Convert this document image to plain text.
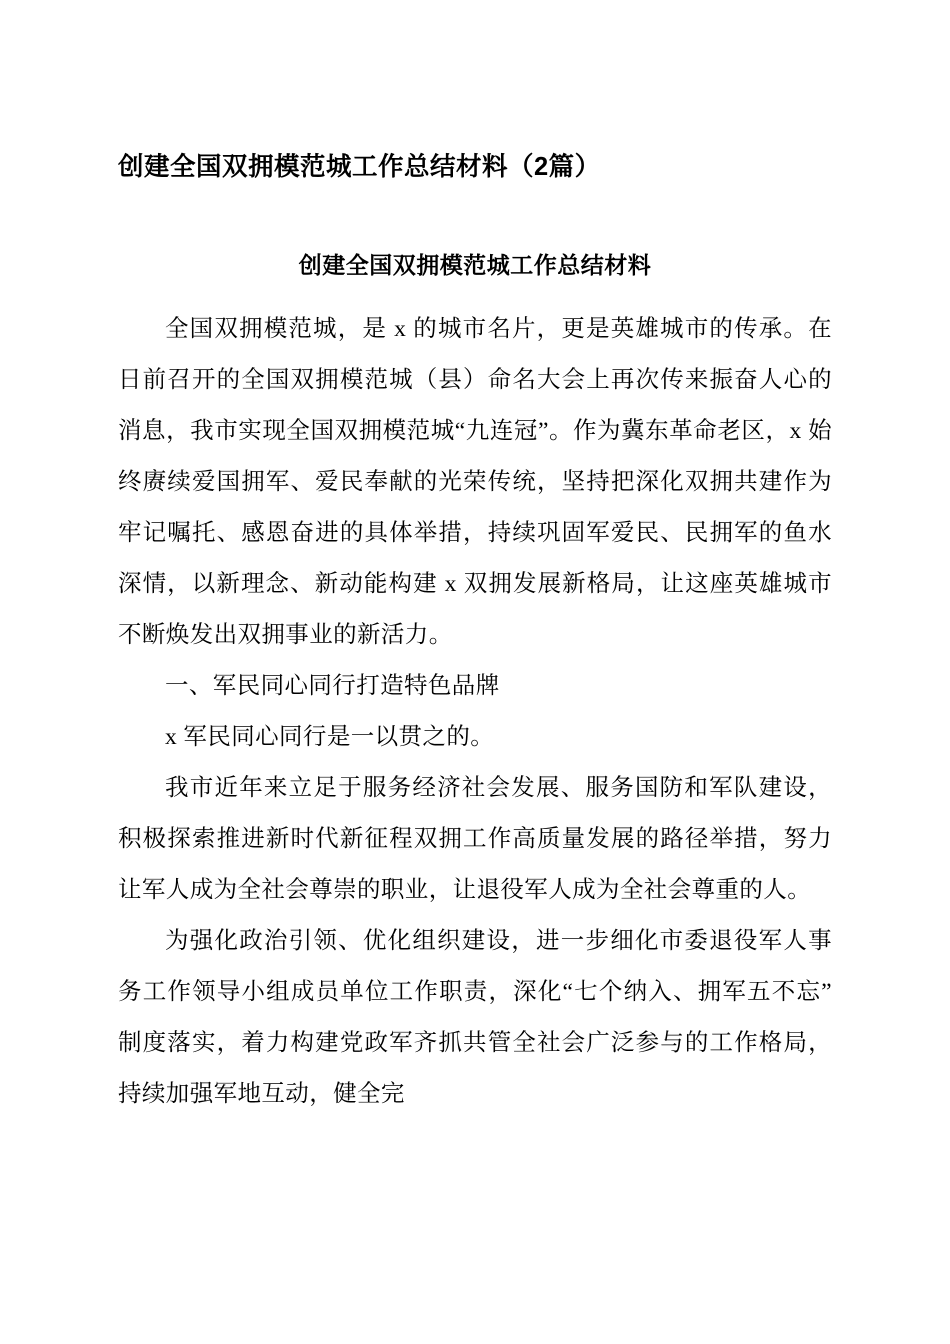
创建全国双拥模范城工作总结材料（2篇）
创建全国双拥模范城工作总结材料

全国双拥模范城，是 x 的城市名片，更是英雄城市的传承。在日前召开的全国双拥模范城（县）命名大会上再次传来振奋人心的消息，我市实现全国双拥模范城“九连冠”。作为冀东革命老区，x 始终赓续爱国拥军、爱民奉献的光荣传统，坚持把深化双拥共建作为牢记嘱托、感恩奋进的具体举措，持续巩固军爱民、民拥军的鱼水深情，以新理念、新动能构建 x 双拥发展新格局，让这座英雄城市不断焕发出双拥事业的新活力。

一、军民同心同行打造特色品牌

x 军民同心同行是一以贯之的。

我市近年来立足于服务经济社会发展、服务国防和军队建设，积极探索推进新时代新征程双拥工作高质量发展的路径举措，努力让军人成为全社会尊崇的职业，让退役军人成为全社会尊重的人。

为强化政治引领、优化组织建设，进一步细化市委退役军人事务工作领导小组成员单位工作职责，深化“七个纳入、拥军五不忘”制度落实，着力构建党政军齐抓共管全社会广泛参与的工作格局，持续加强军地互动，健全完
